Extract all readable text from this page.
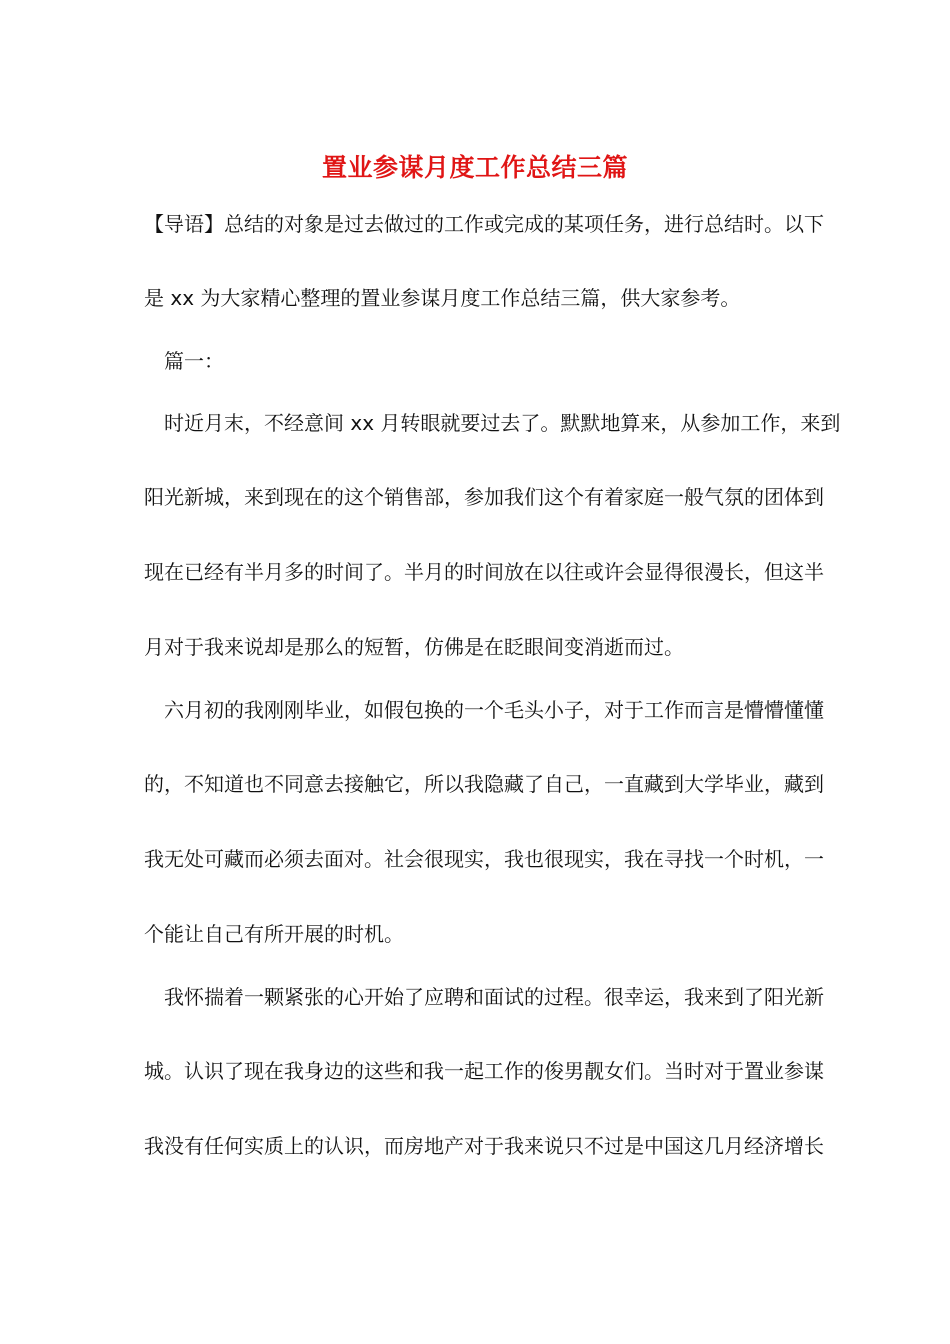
置业参谋月度工作总结三篇
【导语】总结的对象是过去做过的工作或完成的某项任务，进行总结时。以下
是 xx 为大家精心整理的置业参谋月度工作总结三篇，供大家参考。
篇一：
时近月末，不经意间 xx 月转眼就要过去了。默默地算来，从参加工作，来到
阳光新城，来到现在的这个销售部，参加我们这个有着家庭一般气氛的团体到
现在已经有半月多的时间了。半月的时间放在以往或许会显得很漫长，但这半
月对于我来说却是那么的短暂，仿佛是在眨眼间变消逝而过。
六月初的我刚刚毕业，如假包换的一个毛头小子，对于工作而言是懵懵懂懂
的，不知道也不同意去接触它，所以我隐藏了自己，一直藏到大学毕业，藏到
我无处可藏而必须去面对。社会很现实，我也很现实，我在寻找一个时机，一
个能让自己有所开展的时机。
我怀揣着一颗紧张的心开始了应聘和面试的过程。很幸运，我来到了阳光新
城。认识了现在我身边的这些和我一起工作的俊男靓女们。当时对于置业参谋
我没有任何实质上的认识，而房地产对于我来说只不过是中国这几月经济增长
